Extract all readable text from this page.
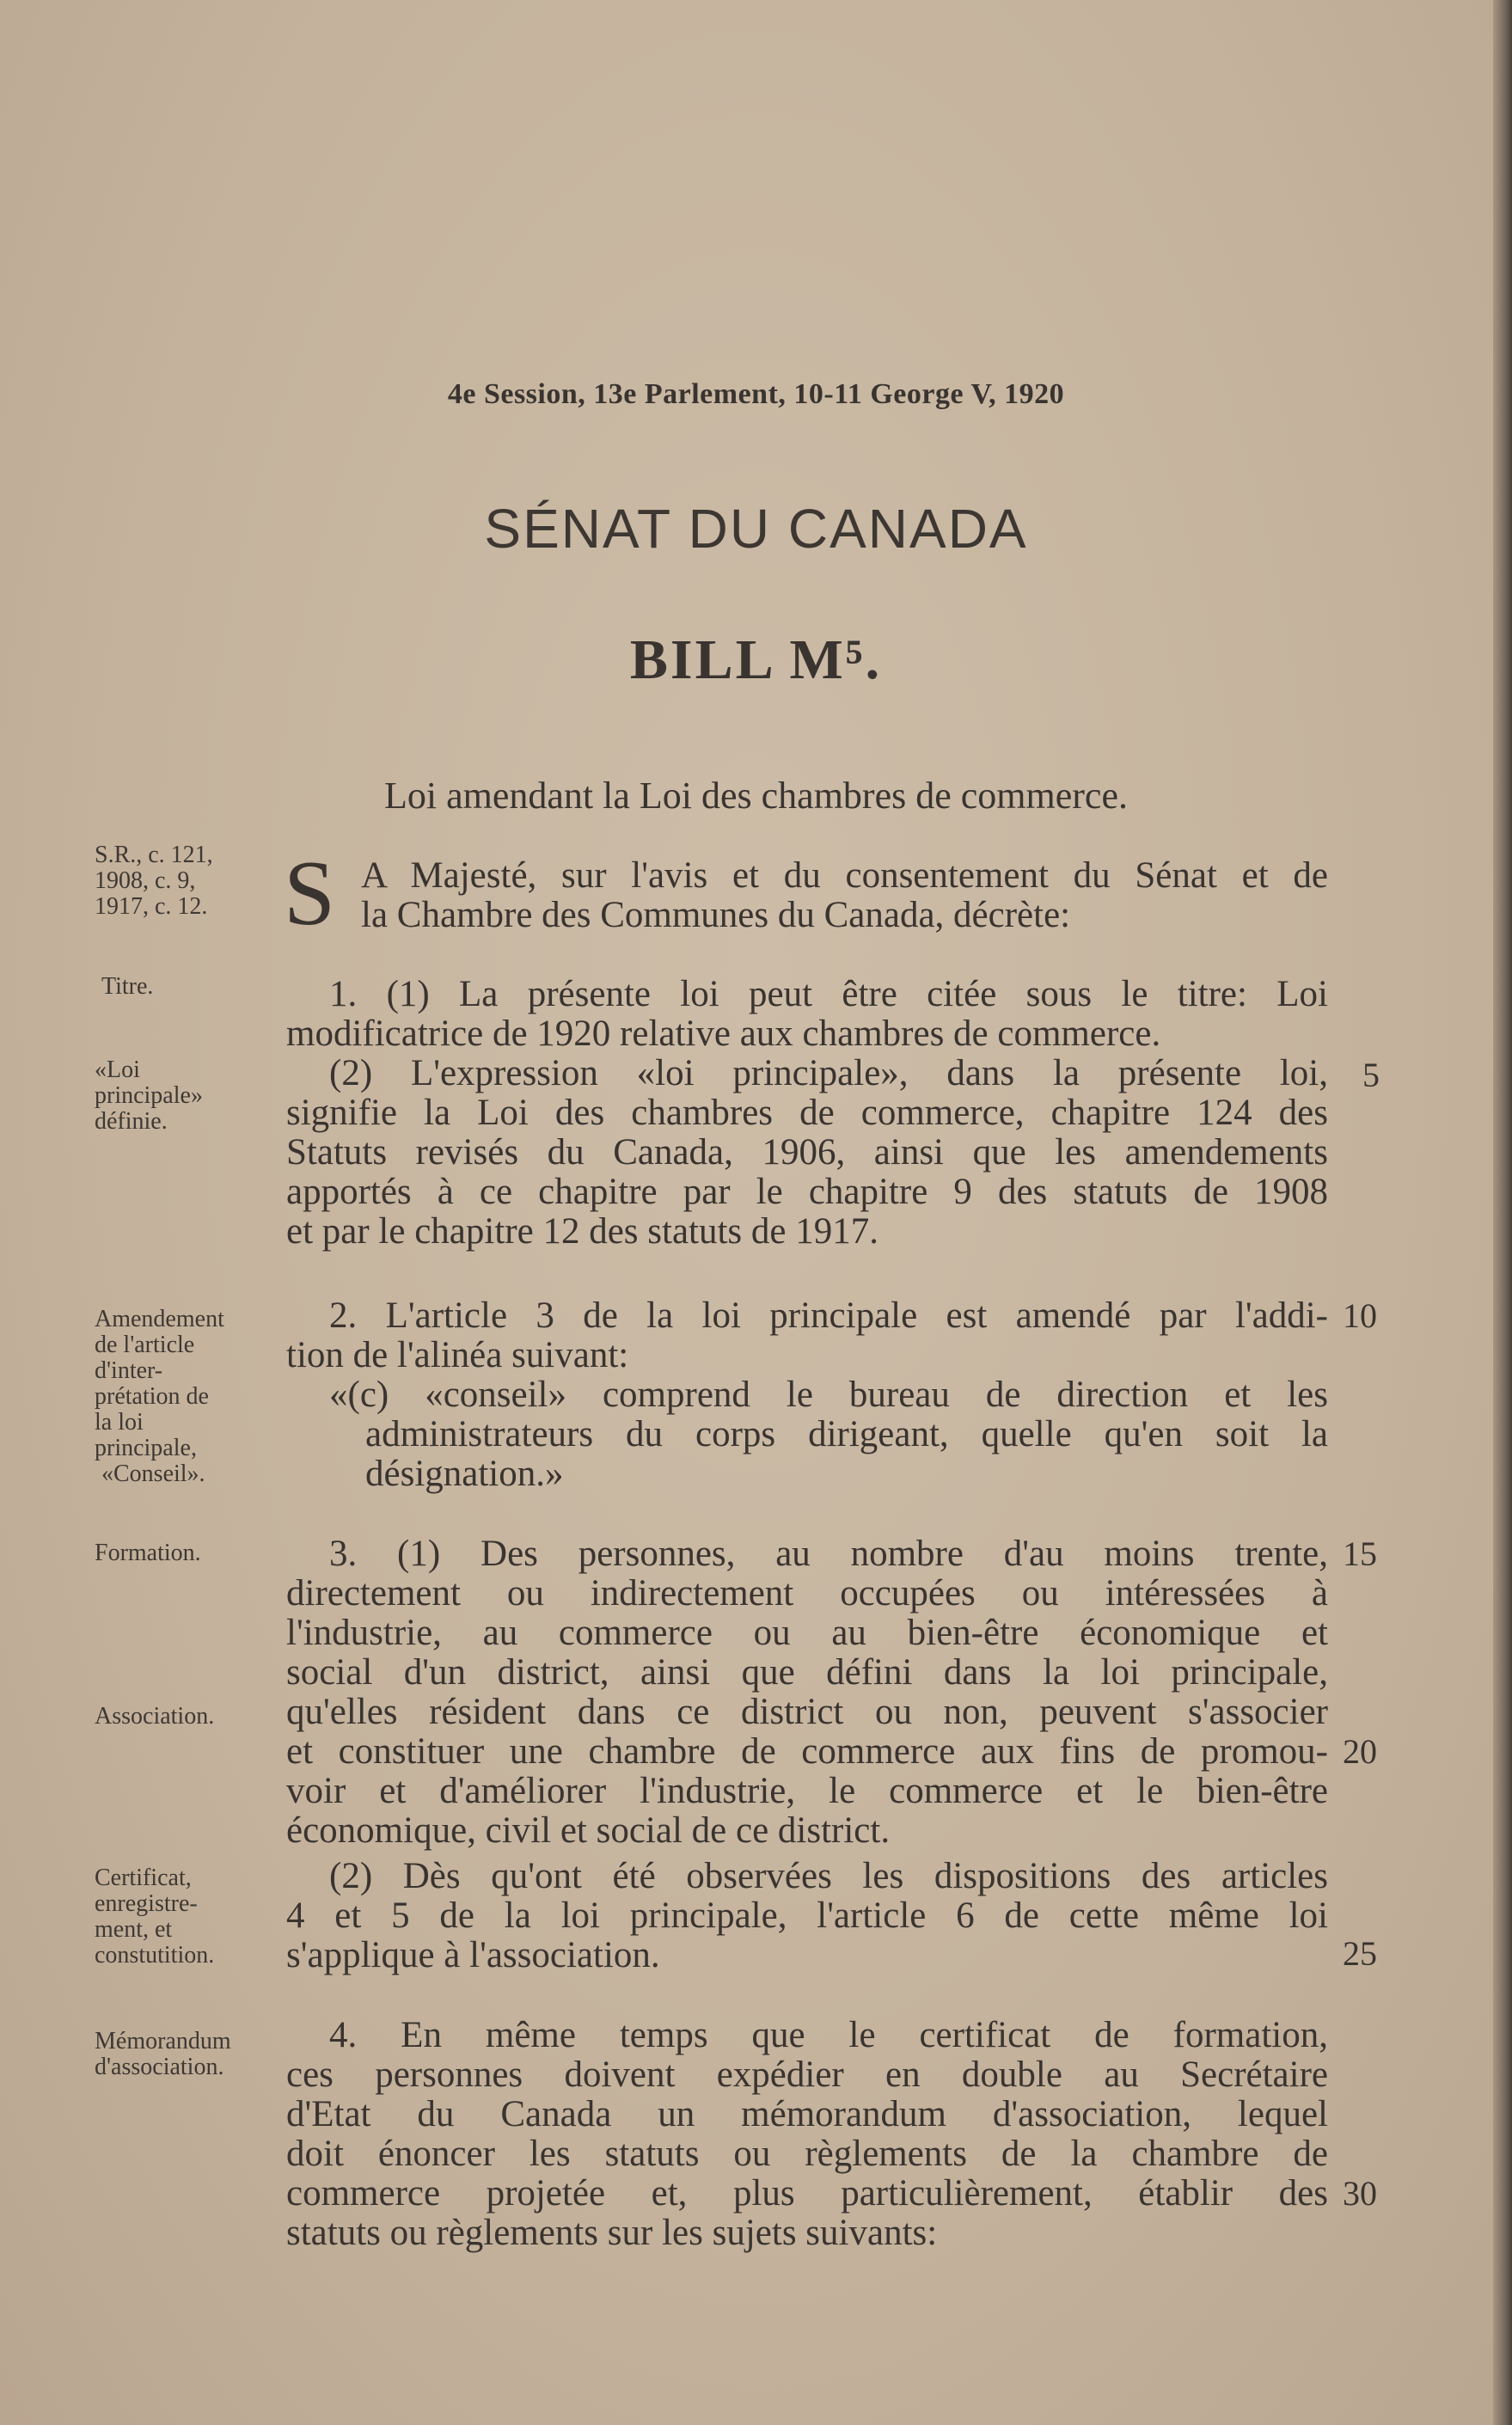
4e Session, 13e Parlement, 10-11 George V, 1920
SÉNAT DU CANADA
BILL M⁵.
Loi amendant la Loi des chambres de commerce.
S.R., c. 121,
1908, c. 9,
1917, c. 12.
Titre.
«Loi
principale»
définie.
Amendement
de l'article
d'inter-
prétation de
la loi
principale,
«Conseil».
Formation.
Association.
Certificat,
enregistre-
ment, et
constutition.
Mémorandum
d'association.
S A Majesté, sur l'avis et du consentement du Sénat et de
la Chambre des Communes du Canada, décrète:
1. (1) La présente loi peut être citée sous le titre: Loi
modificatrice de 1920 relative aux chambres de commerce.
(2) L'expression «loi principale», dans la présente loi,
signifie la Loi des chambres de commerce, chapitre 124 des
Statuts revisés du Canada, 1906, ainsi que les amendements
apportés à ce chapitre par le chapitre 9 des statuts de 1908
et par le chapitre 12 des statuts de 1917.
2. L'article 3 de la loi principale est amendé par l'addi-
tion de l'alinéa suivant:
«(c) «conseil» comprend le bureau de direction et les
administrateurs du corps dirigeant, quelle qu'en soit la
désignation.»
3. (1) Des personnes, au nombre d'au moins trente,
directement ou indirectement occupées ou intéressées à
l'industrie, au commerce ou au bien-être économique et
social d'un district, ainsi que défini dans la loi principale,
qu'elles résident dans ce district ou non, peuvent s'associer
et constituer une chambre de commerce aux fins de promou-
voir et d'améliorer l'industrie, le commerce et le bien-être
économique, civil et social de ce district.
(2) Dès qu'ont été observées les dispositions des articles
4 et 5 de la loi principale, l'article 6 de cette même loi
s'applique à l'association.
4. En même temps que le certificat de formation,
ces personnes doivent expédier en double au Secrétaire
d'Etat du Canada un mémorandum d'association, lequel
doit énoncer les statuts ou règlements de la chambre de
commerce projetée et, plus particulièrement, établir des
statuts ou règlements sur les sujets suivants:
5
10
15
20
25
30
